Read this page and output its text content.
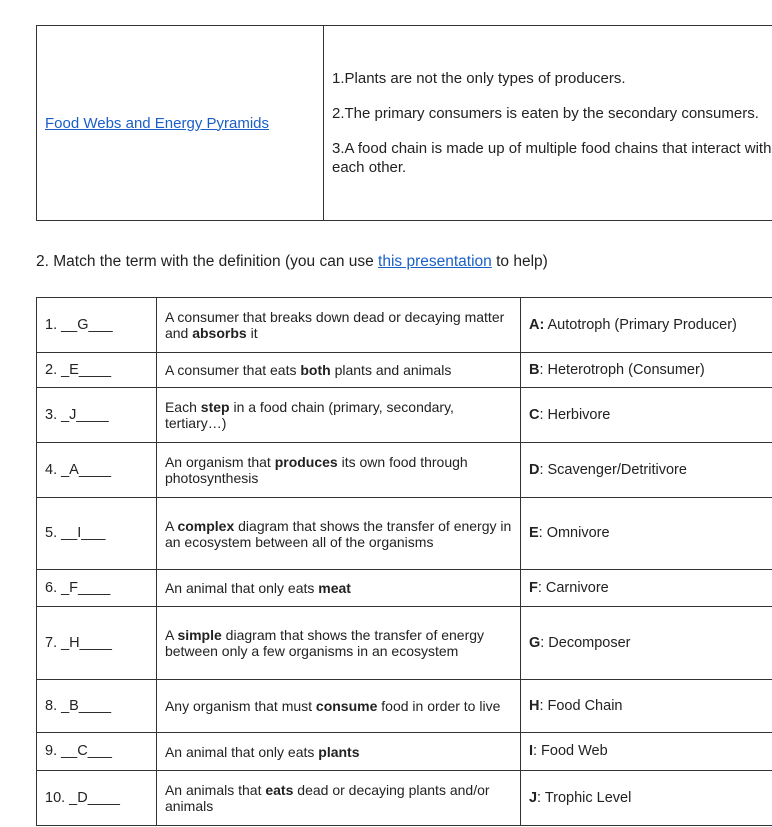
Food Webs and Energy Pyramids	

1.Plants are not the only types of producers.

2.The primary consumers is eaten by the secondary consumers.

3.A food chain is made up of multiple food chains that interact with each other.

2. Match the term with the definition (you can use this presentation to help)
1. __G___	A consumer that breaks down dead or decaying matter and absorbs it	A: Autotroph (Primary Producer)
2. _E____	A consumer that eats both plants and animals	B: Heterotroph (Consumer)
3. _J____	Each step in a food chain (primary, secondary, tertiary…)	C: Herbivore
4. _A____	An organism that produces its own food through photosynthesis	D: Scavenger/Detritivore
5. __I___	A complex diagram that shows the transfer of energy in an ecosystem between all of the organisms	E: Omnivore
6. _F____	An animal that only eats meat	F: Carnivore
7. _H____	A simple diagram that shows the transfer of energy between only a few organisms in an ecosystem	G: Decomposer
8. _B____	Any organism that must consume food in order to live	H: Food Chain
9. __C___	An animal that only eats plants	I: Food Web
10. _D____	An animals that eats dead or decaying plants and/or animals	J: Trophic Level
